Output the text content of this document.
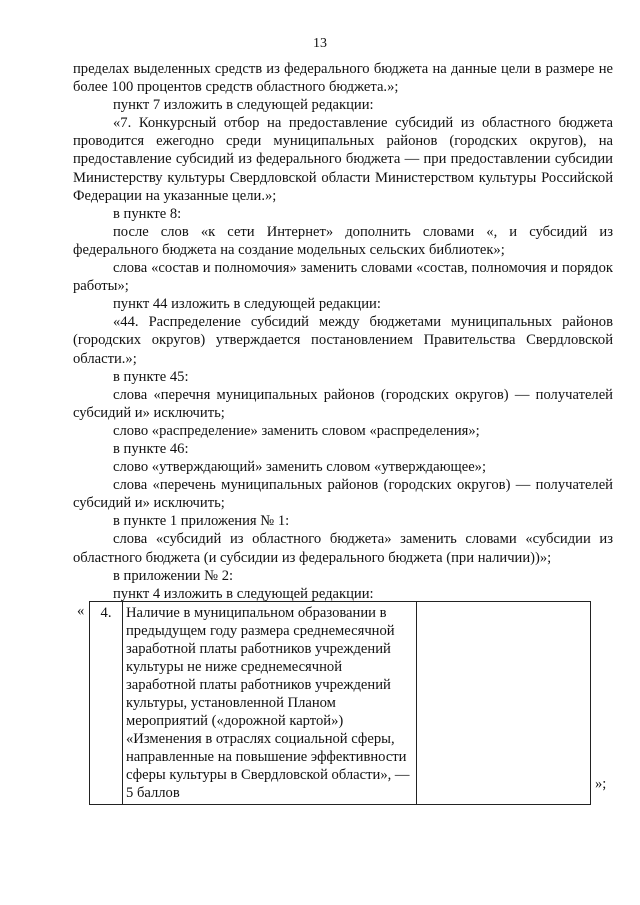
13

пределах выделенных средств из федерального бюджета на данные цели в размере не более 100 процентов средств областного бюджета.»;

пункт 7 изложить в следующей редакции:

«7. Конкурсный отбор на предоставление субсидий из областного бюджета проводится ежегодно среди муниципальных районов (городских округов), на предоставление субсидий из федерального бюджета — при предоставлении субсидии Министерству культуры Свердловской области Министерством культуры Российской Федерации на указанные цели.»;

в пункте 8:

после слов «к сети Интернет» дополнить словами «, и субсидий из федерального бюджета на создание модельных сельских библиотек»;

слова «состав и полномочия» заменить словами «состав, полномочия и порядок работы»;

пункт 44 изложить в следующей редакции:

«44. Распределение субсидий между бюджетами муниципальных районов (городских округов) утверждается постановлением Правительства Свердловской области.»;

в пункте 45:

слова «перечня муниципальных районов (городских округов) — получателей субсидий и» исключить;

слово «распределение» заменить словом «распределения»;

в пункте 46:

слово «утверждающий» заменить словом «утверждающее»;

слова «перечень муниципальных районов (городских округов) — получателей субсидий и» исключить;

в пункте 1 приложения № 1:

слова «субсидий из областного бюджета» заменить словами «субсидии из областного бюджета (и субсидии из федерального бюджета (при наличии))»;

в приложении № 2:

пункт 4 изложить в следующей редакции:

« 4.	Наличие в муниципальном образовании в предыдущем году размера среднемесячной заработной платы работников учреждений культуры не ниже среднемесячной заработной платы работников учреждений культуры, установленной Планом мероприятий («дорожной картой») «Изменения в отраслях социальной сферы, направленные на повышение эффективности сферы культуры в Свердловской области», — 5 баллов	
»;
